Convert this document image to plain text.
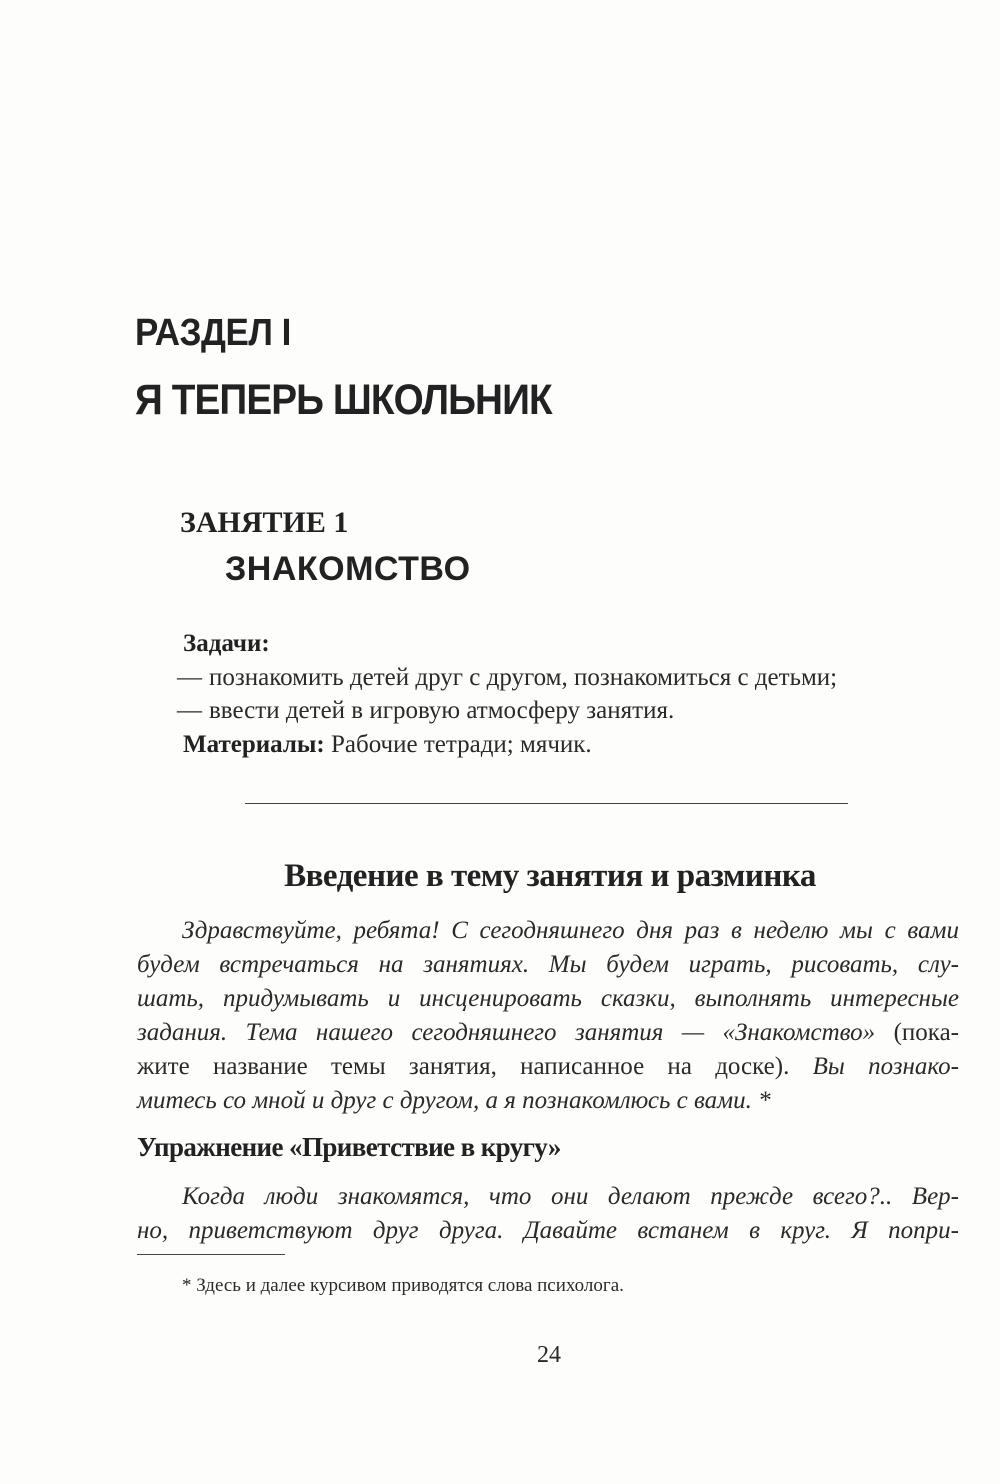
РАЗДЕЛ I
Я ТЕПЕРЬ ШКОЛЬНИК
ЗАНЯТИЕ 1
ЗНАКОМСТВО
Задачи:
— познакомить детей друг с другом, познакомиться с детьми;
— ввести детей в игровую атмосферу занятия.
Материалы: Рабочие тетради; мячик.
Введение в тему занятия и разминка
Здравствуйте, ребята! С сегодняшнего дня раз в неделю мы с вами
будем встречаться на занятиях. Мы будем играть, рисовать, слу-
шать, придумывать и инсценировать сказки, выполнять интересные
задания. Тема нашего сегодняшнего занятия — «Знакомство» (пока-
жите название темы занятия, написанное на доске). Вы познако-
митесь со мной и друг с другом, а я познакомлюсь с вами. *
Упражнение «Приветствие в кругу»
Когда люди знакомятся, что они делают прежде всего?.. Вер-
но, приветствуют друг друга. Давайте встанем в круг. Я попри-
* Здесь и далее курсивом приводятся слова психолога.
24
